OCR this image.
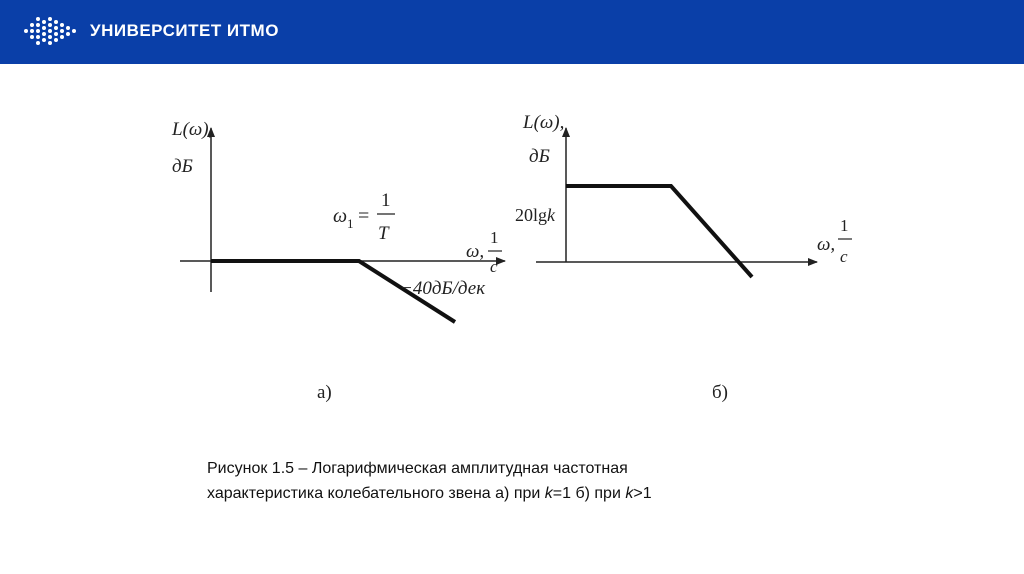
УНИВЕРСИТЕТ ИТМО
L(ω),
дБ
ω 1 =
1
T
ω,
1
c
−40дБ/дек
а)
L(ω),
дБ
20lgk
ω,
1
c
б)
Рисунок 1.5 – Логарифмическая амплитудная частотная
характеристика колебательного звена а) при k=1 б) при k>1
